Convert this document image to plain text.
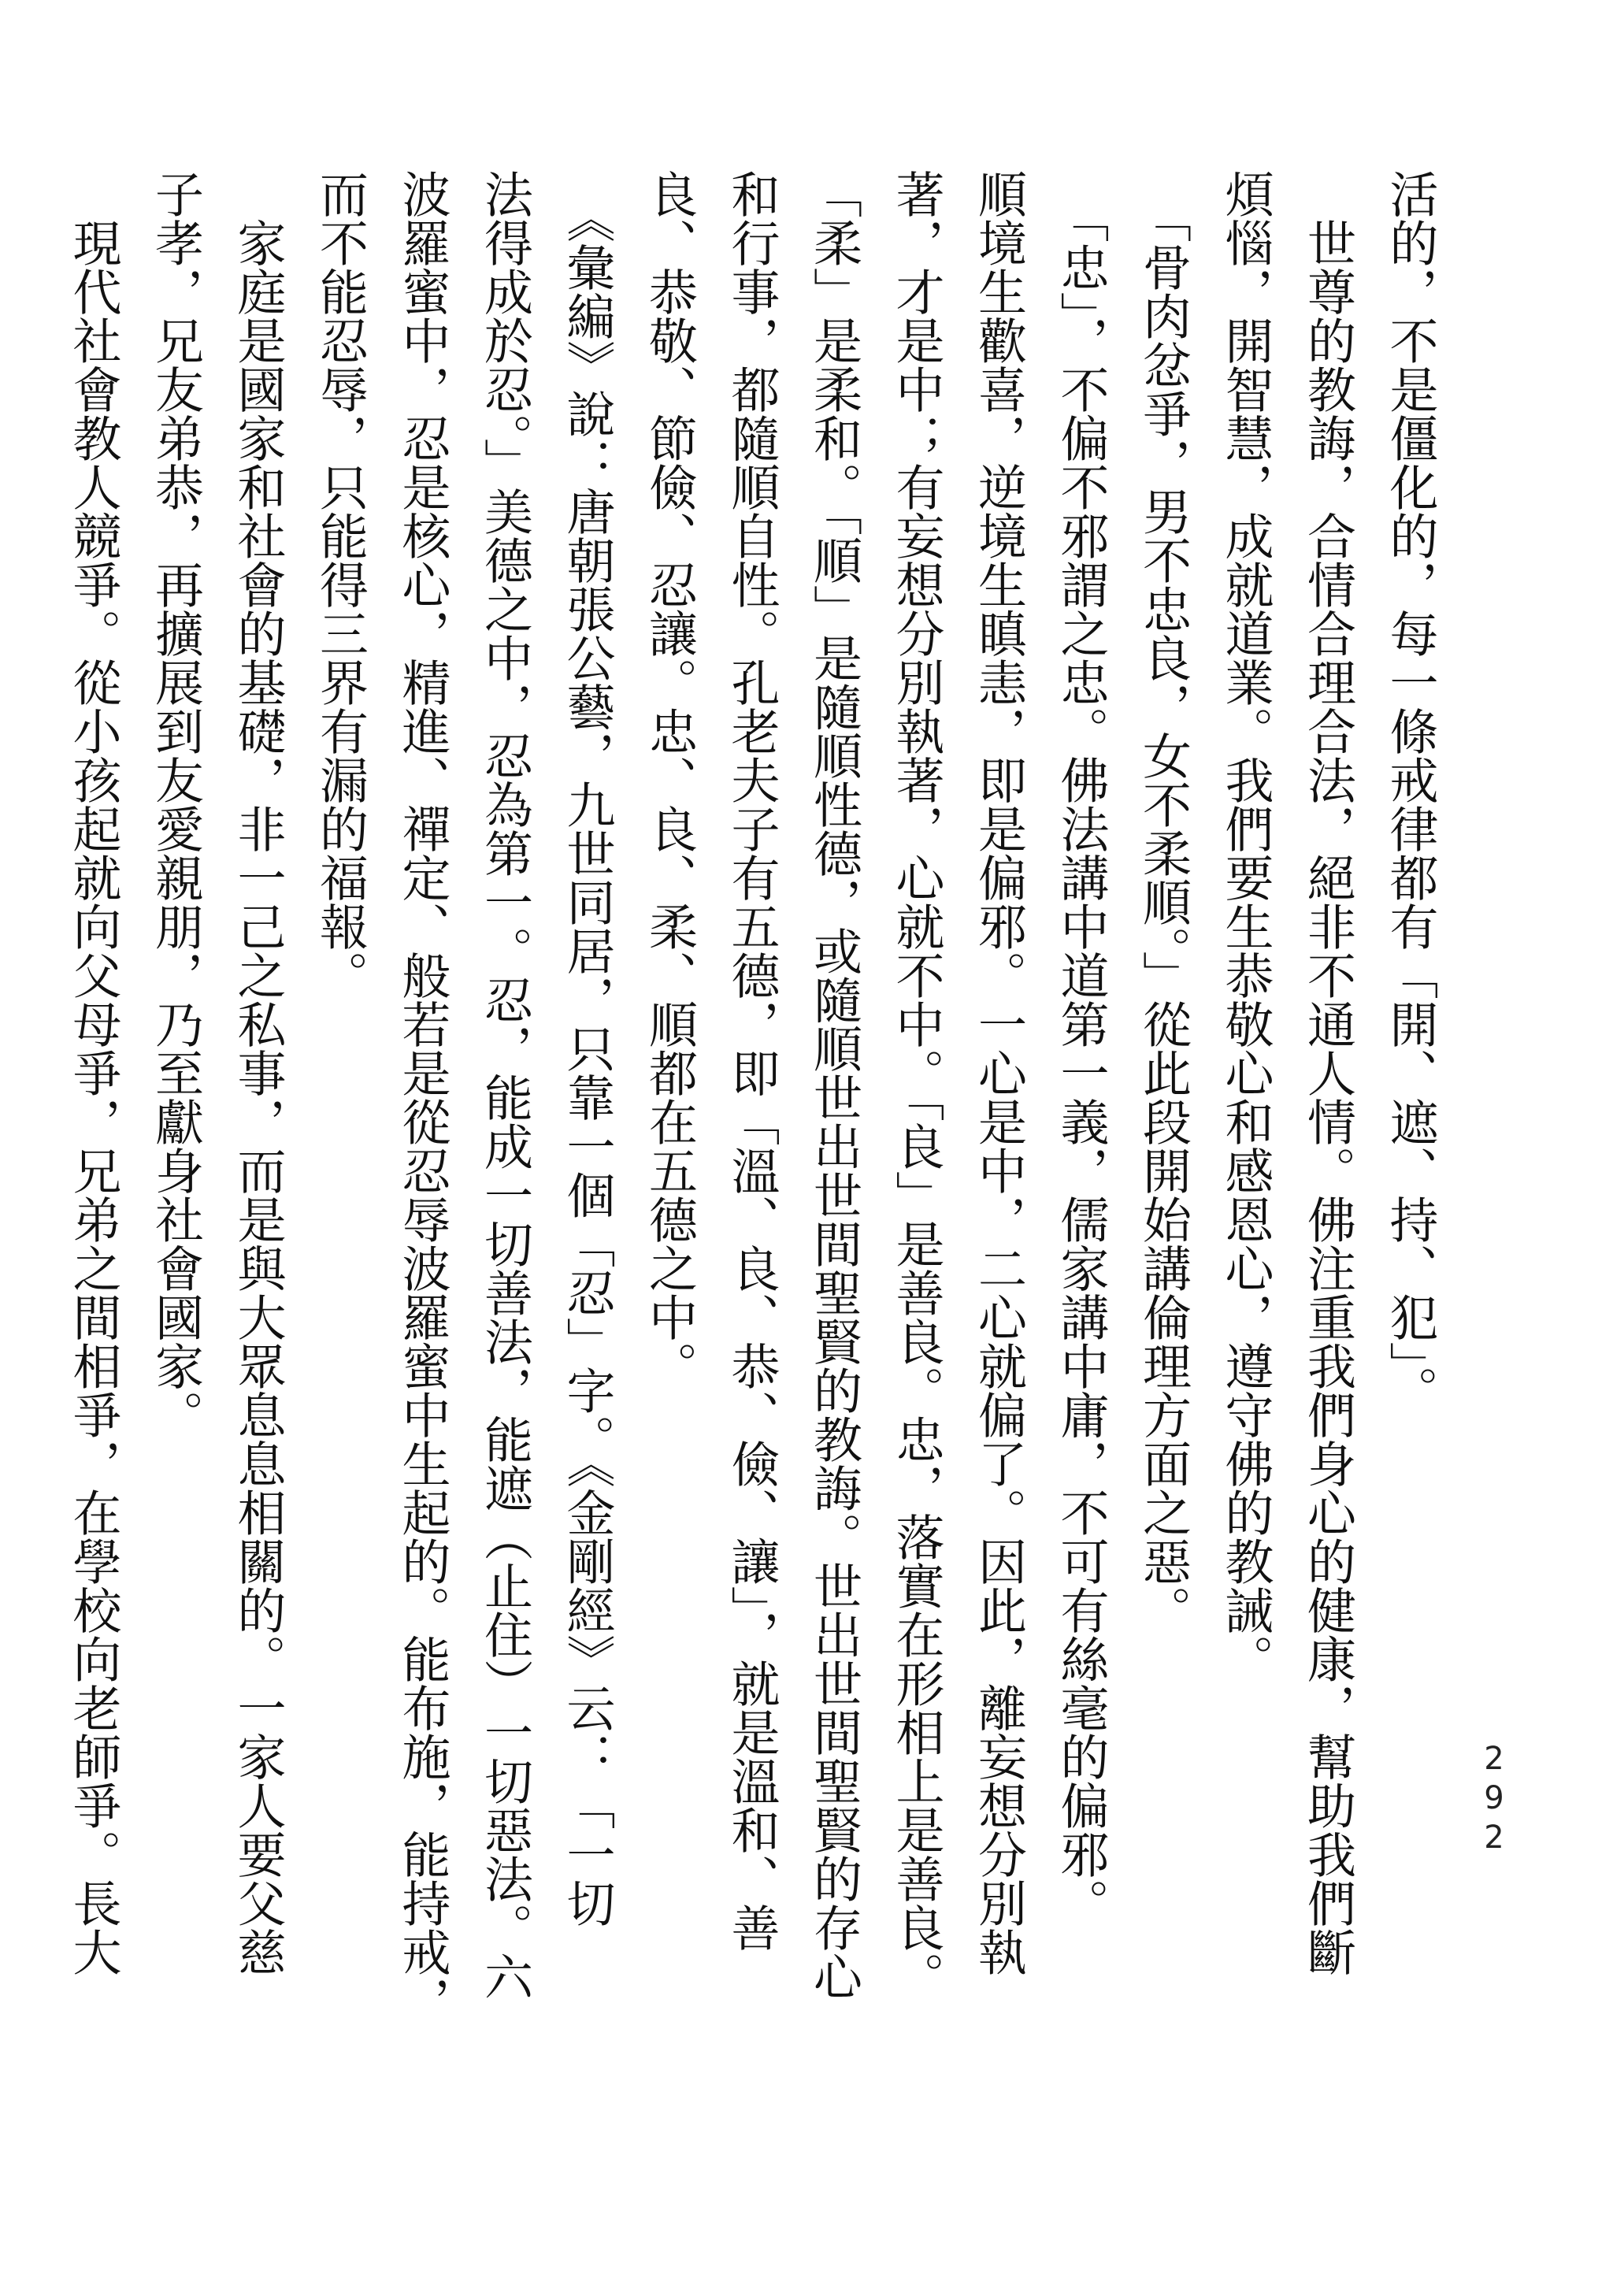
292

活的，不是僵化的，每一條戒律都有「開、遮、持、犯」。

　世尊的教誨，合情合理合法，絕非不通人情。佛注重我們身心的健康，幫助我們斷

煩惱，開智慧，成就道業。我們要生恭敬心和感恩心，遵守佛的教誡。

　「骨肉忿爭，男不忠良，女不柔順。」從此段開始講倫理方面之惡。

　「忠」，不偏不邪謂之忠。佛法講中道第一義，儒家講中庸，不可有絲毫的偏邪。

順境生歡喜，逆境生瞋恚，即是偏邪。一心是中，二心就偏了。因此，離妄想分別執

著，才是中；有妄想分別執著，心就不中。「良」是善良。忠，落實在形相上是善良。

「柔」是柔和。「順」是隨順性德，或隨順世出世間聖賢的教誨。世出世間聖賢的存心

和行事，都隨順自性。孔老夫子有五德，即「溫、良、恭、儉、讓」，就是溫和、善

良、恭敬、節儉、忍讓。忠、良、柔、順都在五德之中。

　《彙編》說：唐朝張公藝，九世同居，只靠一個「忍」字。《金剛經》云：「一切

法得成於忍。」美德之中，忍為第一。忍，能成一切善法，能遮（止住）一切惡法。六

波羅蜜中，忍是核心，精進、禪定、般若是從忍辱波羅蜜中生起的。能布施，能持戒，

而不能忍辱，只能得三界有漏的福報。

　家庭是國家和社會的基礎，非一己之私事，而是與大眾息息相關的。一家人要父慈

子孝，兄友弟恭，再擴展到友愛親朋，乃至獻身社會國家。

　現代社會教人競爭。從小孩起就向父母爭，兄弟之間相爭，在學校向老師爭。長大
